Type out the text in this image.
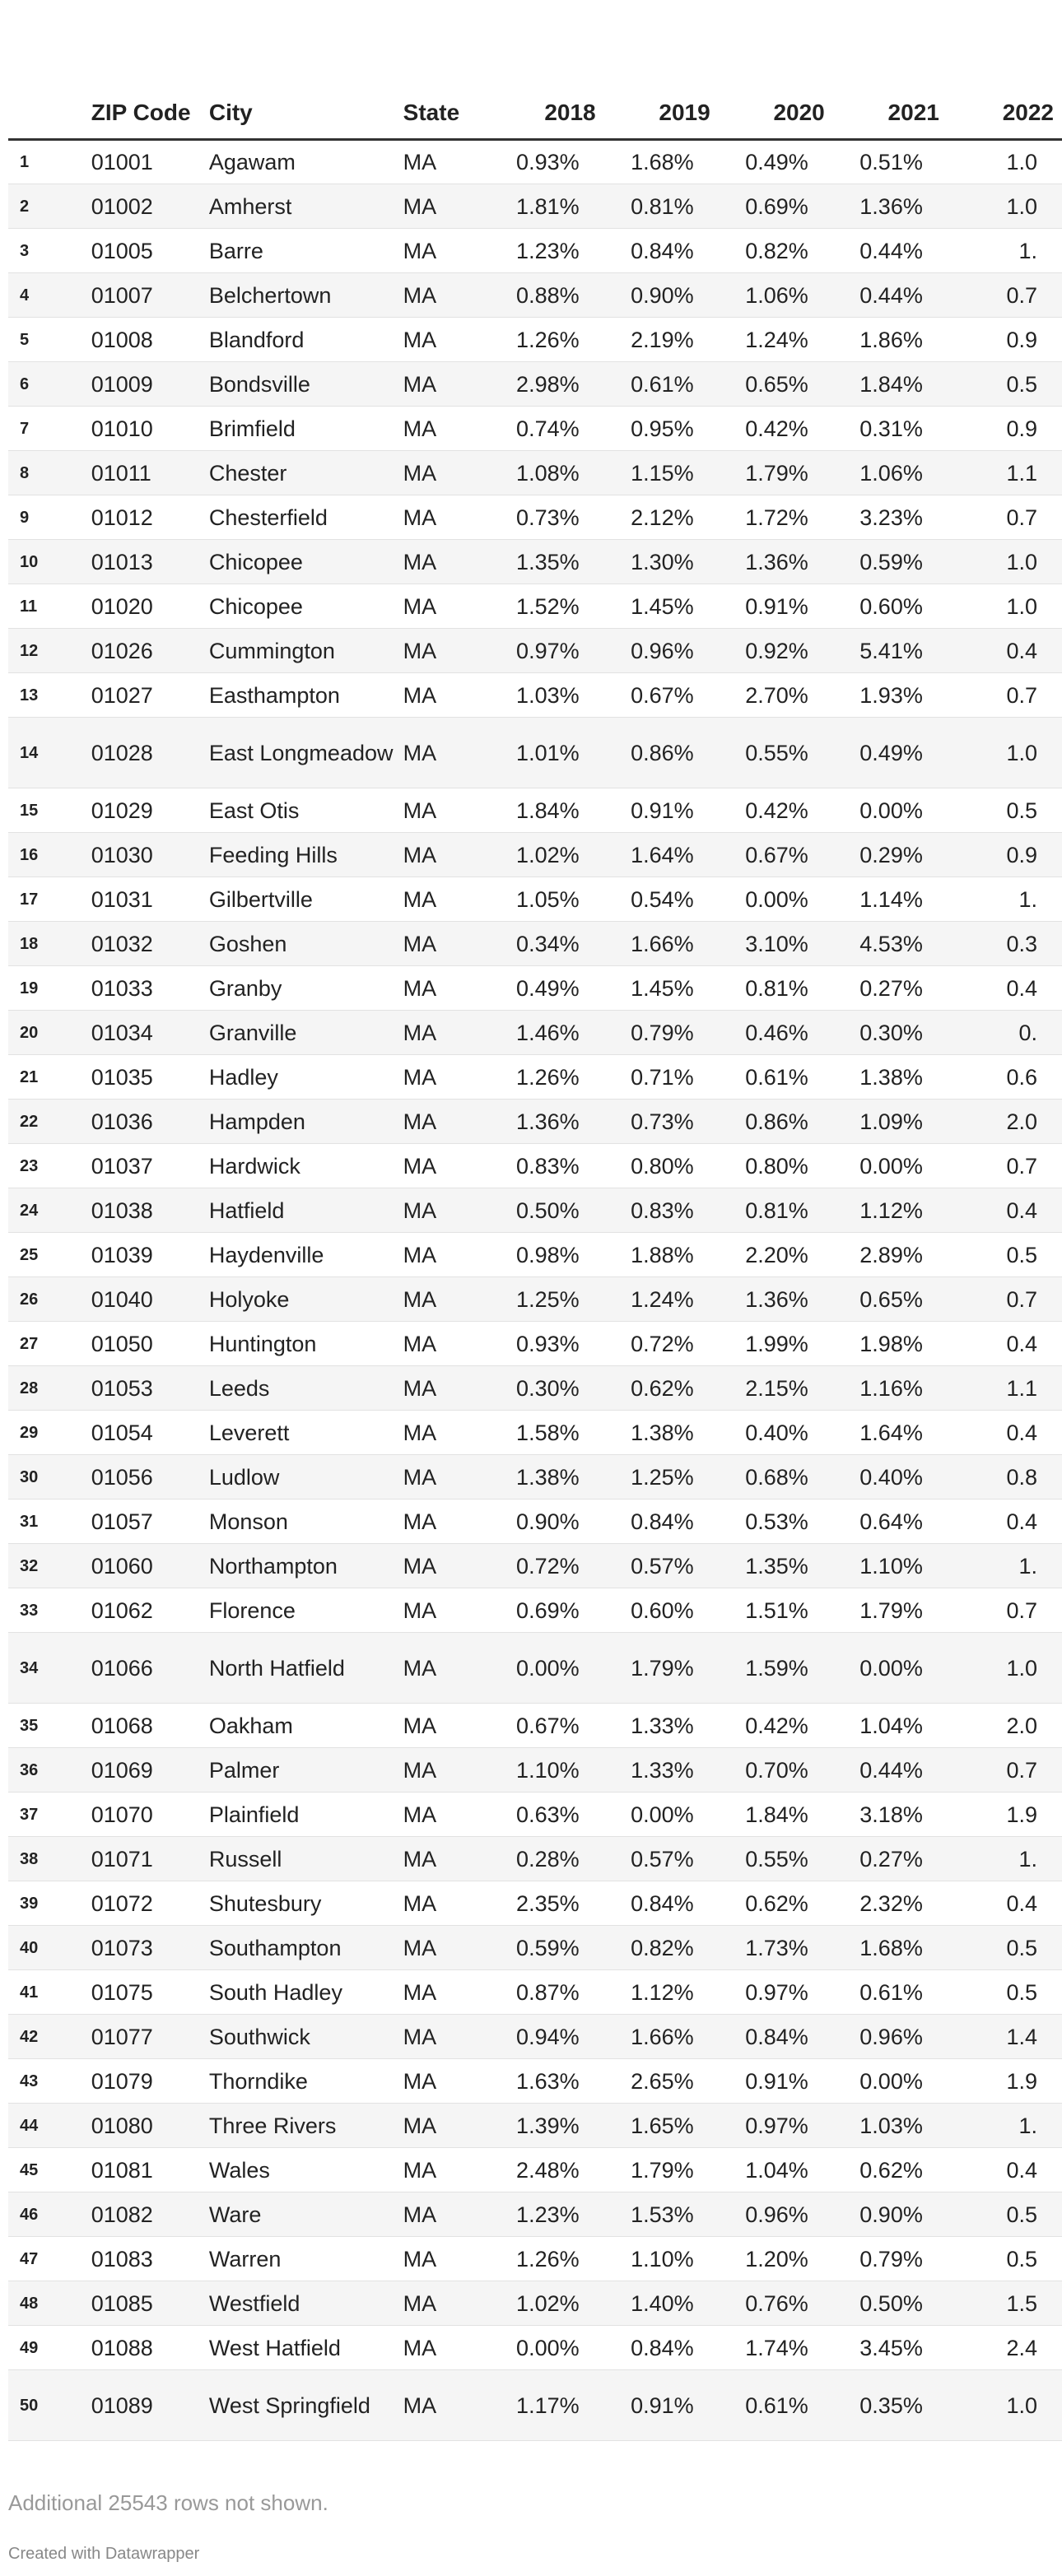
	ZIP Code	City	State	2018	2019	2020	2021	2022
1	01001	Agawam	MA	0.93%	1.68%	0.49%	0.51%	1.0
2	01002	Amherst	MA	1.81%	0.81%	0.69%	1.36%	1.0
3	01005	Barre	MA	1.23%	0.84%	0.82%	0.44%	1.
4	01007	Belchertown	MA	0.88%	0.90%	1.06%	0.44%	0.7
5	01008	Blandford	MA	1.26%	2.19%	1.24%	1.86%	0.9
6	01009	Bondsville	MA	2.98%	0.61%	0.65%	1.84%	0.5
7	01010	Brimfield	MA	0.74%	0.95%	0.42%	0.31%	0.9
8	01011	Chester	MA	1.08%	1.15%	1.79%	1.06%	1.1
9	01012	Chesterfield	MA	0.73%	2.12%	1.72%	3.23%	0.7
10	01013	Chicopee	MA	1.35%	1.30%	1.36%	0.59%	1.0
11	01020	Chicopee	MA	1.52%	1.45%	0.91%	0.60%	1.0
12	01026	Cummington	MA	0.97%	0.96%	0.92%	5.41%	0.4
13	01027	Easthampton	MA	1.03%	0.67%	2.70%	1.93%	0.7
14	01028	East Longmeadow	MA	1.01%	0.86%	0.55%	0.49%	1.0
15	01029	East Otis	MA	1.84%	0.91%	0.42%	0.00%	0.5
16	01030	Feeding Hills	MA	1.02%	1.64%	0.67%	0.29%	0.9
17	01031	Gilbertville	MA	1.05%	0.54%	0.00%	1.14%	1.
18	01032	Goshen	MA	0.34%	1.66%	3.10%	4.53%	0.3
19	01033	Granby	MA	0.49%	1.45%	0.81%	0.27%	0.4
20	01034	Granville	MA	1.46%	0.79%	0.46%	0.30%	0.
21	01035	Hadley	MA	1.26%	0.71%	0.61%	1.38%	0.6
22	01036	Hampden	MA	1.36%	0.73%	0.86%	1.09%	2.0
23	01037	Hardwick	MA	0.83%	0.80%	0.80%	0.00%	0.7
24	01038	Hatfield	MA	0.50%	0.83%	0.81%	1.12%	0.4
25	01039	Haydenville	MA	0.98%	1.88%	2.20%	2.89%	0.5
26	01040	Holyoke	MA	1.25%	1.24%	1.36%	0.65%	0.7
27	01050	Huntington	MA	0.93%	0.72%	1.99%	1.98%	0.4
28	01053	Leeds	MA	0.30%	0.62%	2.15%	1.16%	1.1
29	01054	Leverett	MA	1.58%	1.38%	0.40%	1.64%	0.4
30	01056	Ludlow	MA	1.38%	1.25%	0.68%	0.40%	0.8
31	01057	Monson	MA	0.90%	0.84%	0.53%	0.64%	0.4
32	01060	Northampton	MA	0.72%	0.57%	1.35%	1.10%	1.
33	01062	Florence	MA	0.69%	0.60%	1.51%	1.79%	0.7
34	01066	North Hatfield	MA	0.00%	1.79%	1.59%	0.00%	1.0
35	01068	Oakham	MA	0.67%	1.33%	0.42%	1.04%	2.0
36	01069	Palmer	MA	1.10%	1.33%	0.70%	0.44%	0.7
37	01070	Plainfield	MA	0.63%	0.00%	1.84%	3.18%	1.9
38	01071	Russell	MA	0.28%	0.57%	0.55%	0.27%	1.
39	01072	Shutesbury	MA	2.35%	0.84%	0.62%	2.32%	0.4
40	01073	Southampton	MA	0.59%	0.82%	1.73%	1.68%	0.5
41	01075	South Hadley	MA	0.87%	1.12%	0.97%	0.61%	0.5
42	01077	Southwick	MA	0.94%	1.66%	0.84%	0.96%	1.4
43	01079	Thorndike	MA	1.63%	2.65%	0.91%	0.00%	1.9
44	01080	Three Rivers	MA	1.39%	1.65%	0.97%	1.03%	1.
45	01081	Wales	MA	2.48%	1.79%	1.04%	0.62%	0.4
46	01082	Ware	MA	1.23%	1.53%	0.96%	0.90%	0.5
47	01083	Warren	MA	1.26%	1.10%	1.20%	0.79%	0.5
48	01085	Westfield	MA	1.02%	1.40%	0.76%	0.50%	1.5
49	01088	West Hatfield	MA	0.00%	0.84%	1.74%	3.45%	2.4
50	01089	West Springfield	MA	1.17%	0.91%	0.61%	0.35%	1.0
Additional 25543 rows not shown.
Created with Datawrapper
